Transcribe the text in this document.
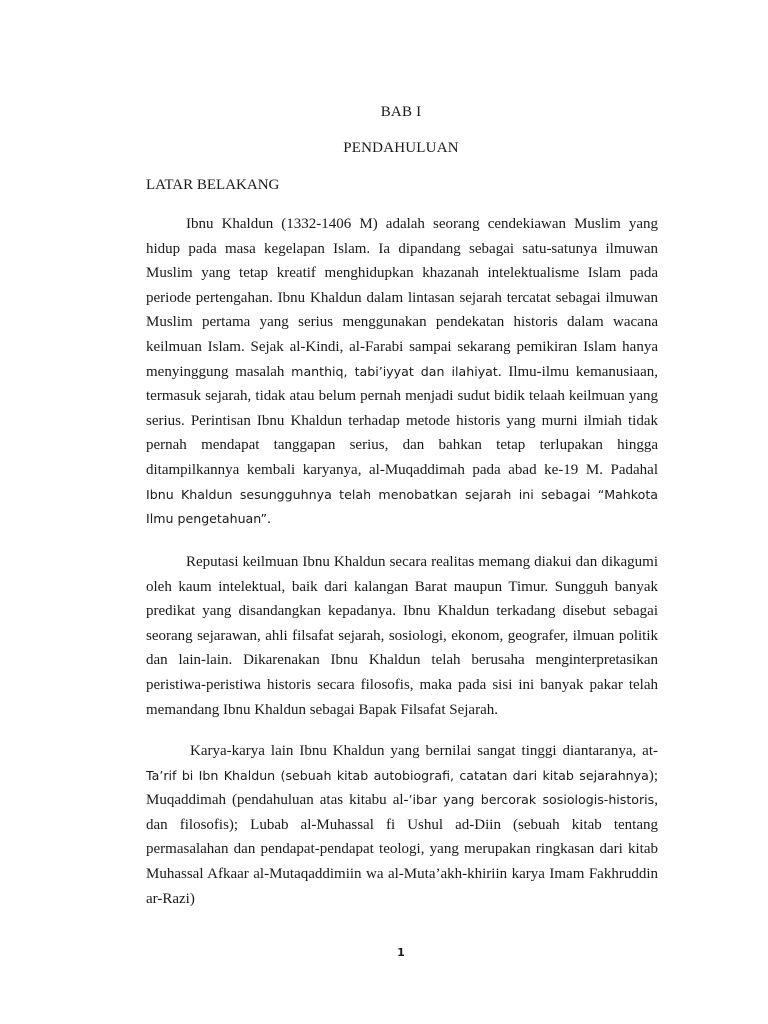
BAB I
PENDAHULUAN
LATAR BELAKANG

Ibnu Khaldun (1332-1406 M) adalah seorang cendekiawan Muslim yang hidup pada masa kegelapan Islam. Ia dipandang sebagai satu-satunya ilmuwan Muslim yang tetap kreatif menghidupkan khazanah intelektualisme Islam pada periode pertengahan. Ibnu Khaldun dalam lintasan sejarah tercatat sebagai ilmuwan Muslim pertama yang serius menggunakan pendekatan historis dalam wacana keilmuan Islam. Sejak al-Kindi, al-Farabi sampai sekarang pemikiran Islam hanya menyinggung masalah manthiq, tabi’iyyat dan ilahiyat. Ilmu-ilmu kemanusiaan, termasuk sejarah, tidak atau belum pernah menjadi sudut bidik telaah keilmuan yang serius. Perintisan Ibnu Khaldun terhadap metode historis yang murni ilmiah tidak pernah mendapat tanggapan serius, dan bahkan tetap terlupakan hingga ditampilkannya kembali karyanya, al-Muqaddimah pada abad ke-19 M. Padahal Ibnu Khaldun sesungguhnya telah menobatkan sejarah ini sebagai “Mahkota Ilmu pengetahuan”.

Reputasi keilmuan Ibnu Khaldun secara realitas memang diakui dan dikagumi oleh kaum intelektual, baik dari kalangan Barat maupun Timur. Sungguh banyak predikat yang disandangkan kepadanya. Ibnu Khaldun terkadang disebut sebagai seorang sejarawan, ahli filsafat sejarah, sosiologi, ekonom, geografer, ilmuan politik dan lain-lain. Dikarenakan Ibnu Khaldun telah berusaha menginterpretasikan peristiwa-peristiwa historis secara filosofis, maka pada sisi ini banyak pakar telah memandang Ibnu Khaldun sebagai Bapak Filsafat Sejarah.

Karya-karya lain Ibnu Khaldun yang bernilai sangat tinggi diantaranya, at-Ta’rif bi Ibn Khaldun (sebuah kitab autobiografi, catatan dari kitab sejarahnya); Muqaddimah (pendahuluan atas kitabu al-’ibar yang bercorak sosiologis-historis, dan filosofis); Lubab al-Muhassal fi Ushul ad-Diin (sebuah kitab tentang permasalahan dan pendapat-pendapat teologi, yang merupakan ringkasan dari kitab Muhassal Afkaar al-Mutaqaddimiin wa al-Muta’akh-khiriin karya Imam Fakhruddin ar-Razi)

1
